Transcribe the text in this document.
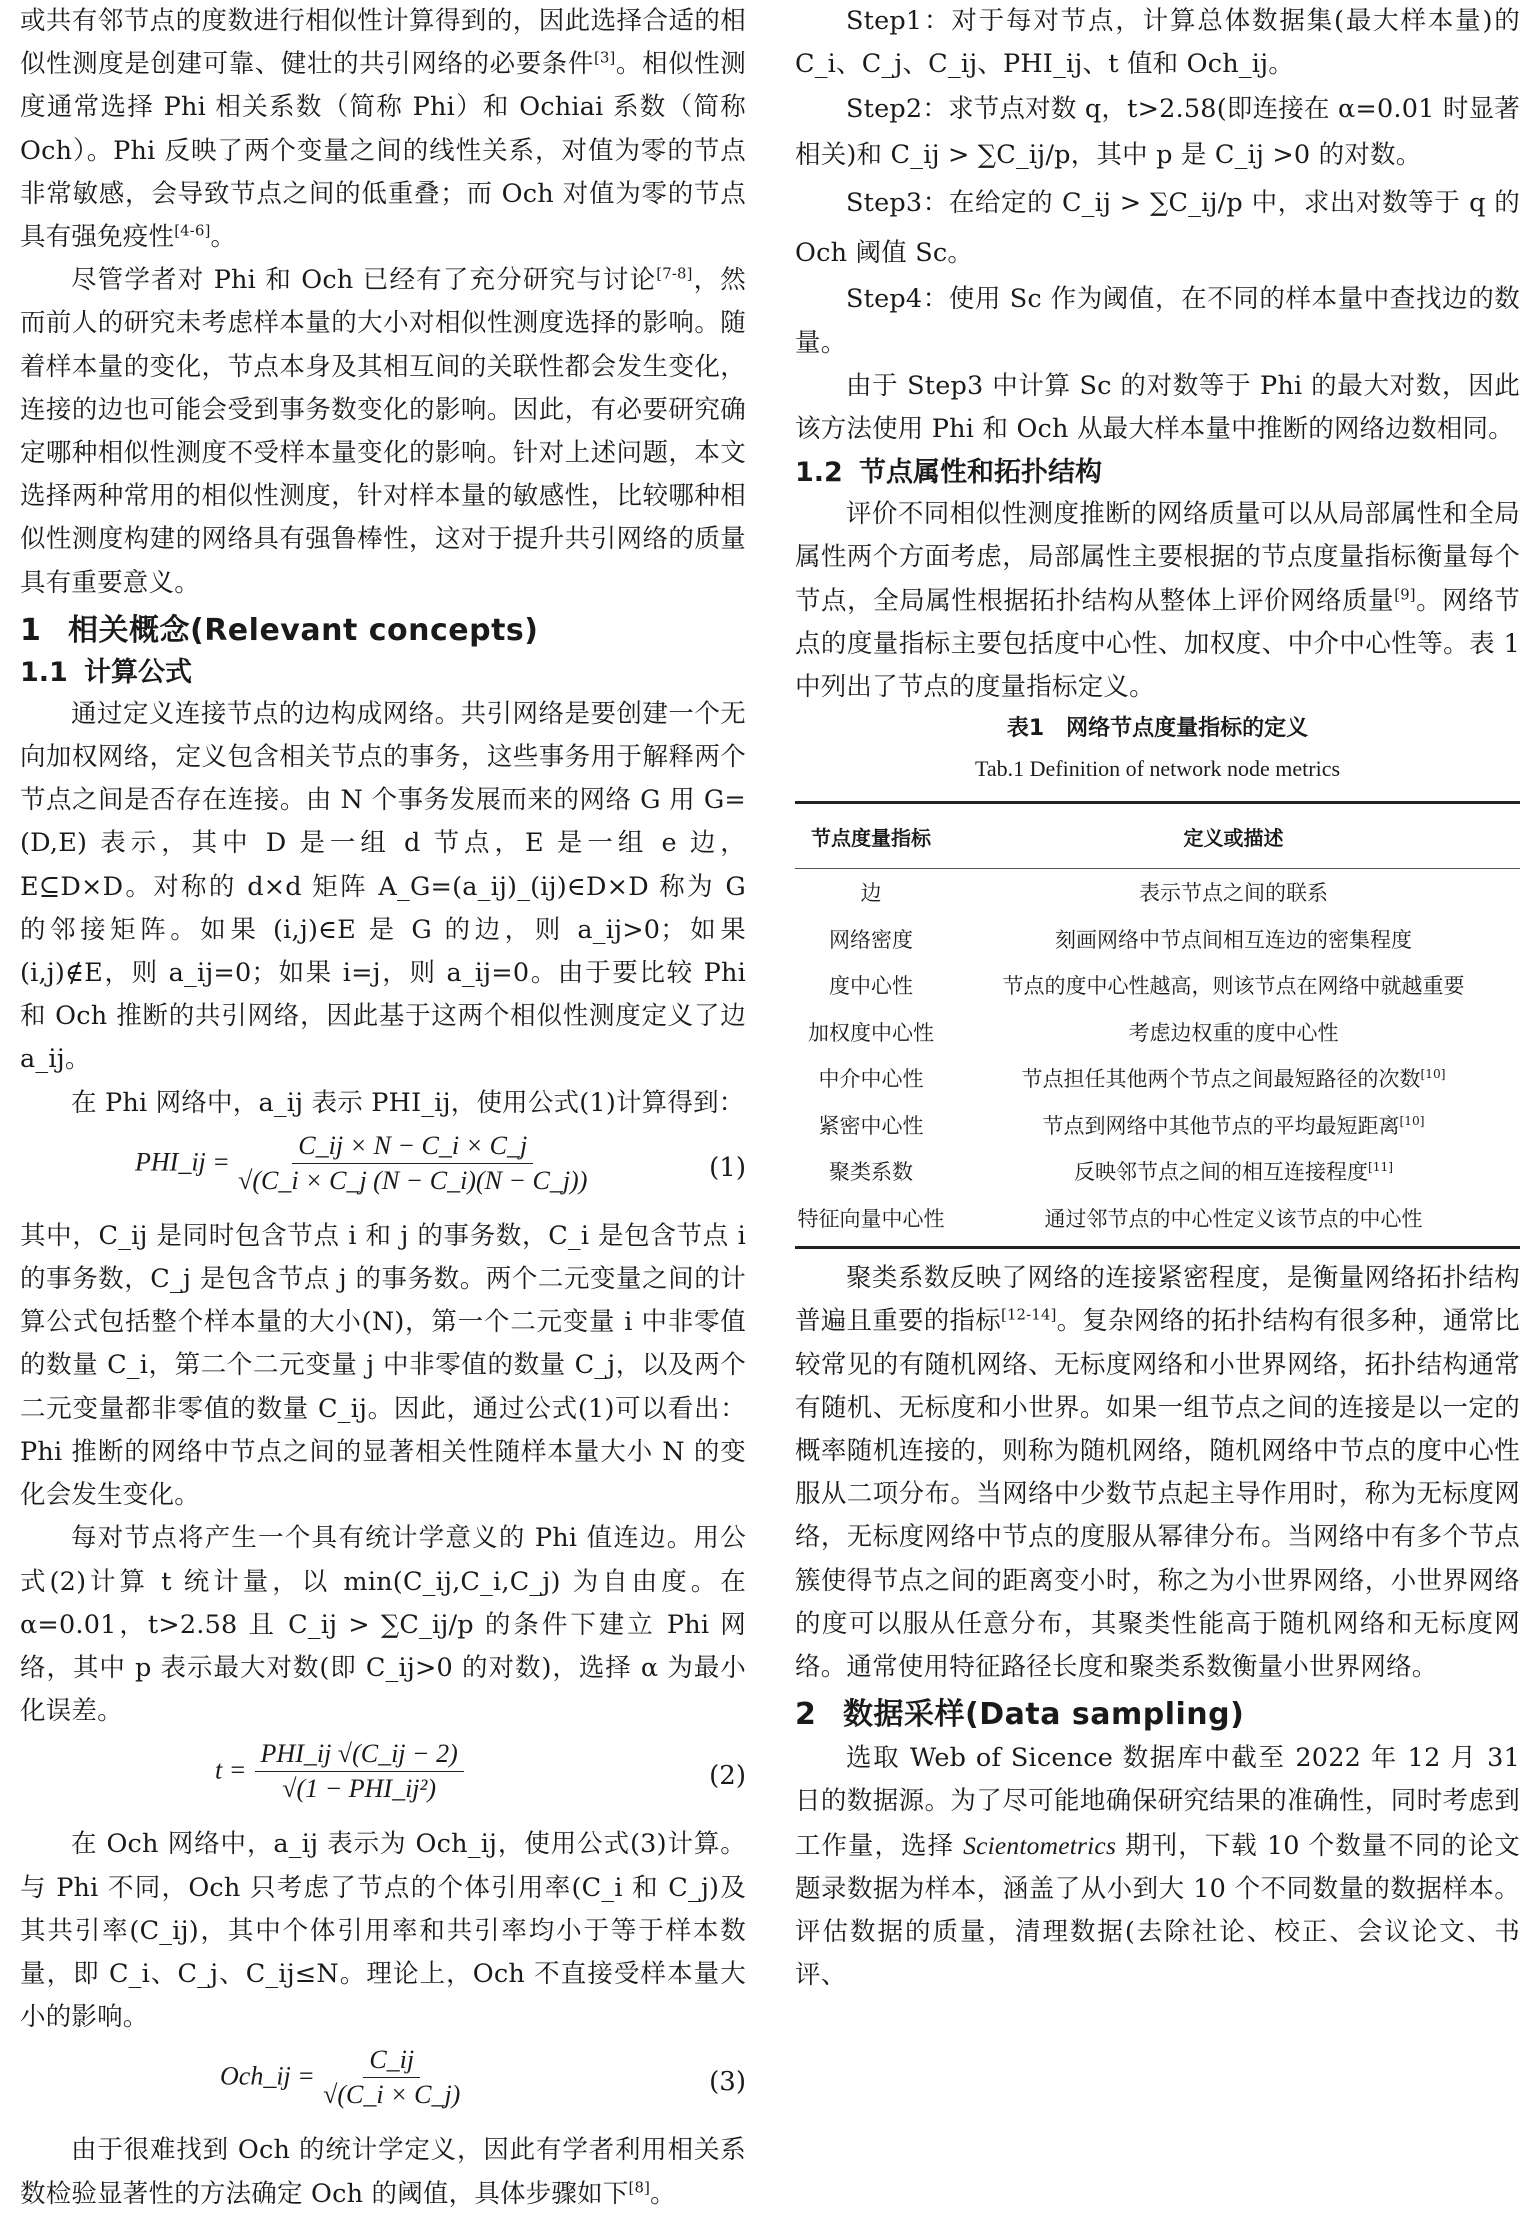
或共有邻节点的度数进行相似性计算得到的，因此选择合适的相似性测度是创建可靠、健壮的共引网络的必要条件[3]。相似性测度通常选择 Phi 相关系数（简称 Phi）和 Ochiai 系数（简称 Och）。Phi 反映了两个变量之间的线性关系，对值为零的节点非常敏感，会导致节点之间的低重叠；而 Och 对值为零的节点具有强免疫性[4-6]。

尽管学者对 Phi 和 Och 已经有了充分研究与讨论[7-8]，然而前人的研究未考虑样本量的大小对相似性测度选择的影响。随着样本量的变化，节点本身及其相互间的关联性都会发生变化，连接的边也可能会受到事务数变化的影响。因此，有必要研究确定哪种相似性测度不受样本量变化的影响。针对上述问题，本文选择两种常用的相似性测度，针对样本量的敏感性，比较哪种相似性测度构建的网络具有强鲁棒性，这对于提升共引网络的质量具有重要意义。

1 相关概念(Relevant concepts)
1.1 计算公式

通过定义连接节点的边构成网络。共引网络是要创建一个无向加权网络，定义包含相关节点的事务，这些事务用于解释两个节点之间是否存在连接。由 N 个事务发展而来的网络 G 用 G=(D,E) 表示，其中 D 是一组 d 节点，E 是一组 e 边，E⊆D×D。对称的 d×d 矩阵 A_G=(a_ij)_(ij)∈D×D 称为 G 的邻接矩阵。如果 (i,j)∈E 是 G 的边，则 a_ij>0；如果 (i,j)∉E，则 a_ij=0；如果 i=j，则 a_ij=0。由于要比较 Phi 和 Och 推断的共引网络，因此基于这两个相似性测度定义了边 a_ij。

在 Phi 网络中，a_ij 表示 PHI_ij，使用公式(1)计算得到：

PHI_ij = $\frac{C\_ij \times N - C\_i \times C\_j}{√(C\_i \times C\_j (N - C\_i)(N - C\_j))}$	(1)

其中，C_ij 是同时包含节点 i 和 j 的事务数，C_i 是包含节点 i 的事务数，C_j 是包含节点 j 的事务数。两个二元变量之间的计算公式包括整个样本量的大小(N)，第一个二元变量 i 中非零值的数量 C_i，第二个二元变量 j 中非零值的数量 C_j，以及两个二元变量都非零值的数量 C_ij。因此，通过公式(1)可以看出：Phi 推断的网络中节点之间的显著相关性随样本量大小 N 的变化会发生变化。

每对节点将产生一个具有统计学意义的 Phi 值连边。用公式(2)计算 t 统计量，以 min(C_ij,C_i,C_j) 为自由度。在 α=0.01，t>2.58 且 C_ij > ∑C_ij/p 的条件下建立 Phi 网络，其中 p 表示最大对数(即 C_ij>0 的对数)，选择 α 为最小化误差。

$t = \frac{\text{PHI\_ij √(C\_ij − 2)}}{\text{√(1 − PHI\_ij²)}}$	(2)

在 Och 网络中，a_ij 表示为 Och_ij，使用公式(3)计算。与 Phi 不同，Och 只考虑了节点的个体引用率(C_i 和 C_j)及其共引率(C_ij)，其中个体引用率和共引率均小于等于样本数量，即 C_i、C_j、C_ij≤N。理论上，Och 不直接受样本量大小的影响。

Och_ij = $\frac{C\_ij}{√(C\_i \times C\_j)}$	(3)

由于很难找到 Och 的统计学定义，因此有学者利用相关系数检验显著性的方法确定 Och 的阈值，具体步骤如下[8]。

Step1：对于每对节点，计算总体数据集(最大样本量)的 C_i、C_j、C_ij、PHI_ij、t 值和 Och_ij。

Step2：求节点对数 q，t>2.58(即连接在 α=0.01 时显著相关)和 C_ij > ∑C_ij/p，其中 p 是 C_ij >0 的对数。

Step3：在给定的 C_ij > ∑C_ij/p 中，求出对数等于 q 的 Och 阈值 Sc。

Step4：使用 Sc 作为阈值，在不同的样本量中查找边的数量。

由于 Step3 中计算 Sc 的对数等于 Phi 的最大对数，因此该方法使用 Phi 和 Och 从最大样本量中推断的网络边数相同。

1.2 节点属性和拓扑结构

评价不同相似性测度推断的网络质量可以从局部属性和全局属性两个方面考虑，局部属性主要根据的节点度量指标衡量每个节点，全局属性根据拓扑结构从整体上评价网络质量[9]。网络节点的度量指标主要包括度中心性、加权度、中介中心性等。表 1 中列出了节点的度量指标定义。

表1　网络节点度量指标的定义
Tab.1 Definition of network node metrics
节点度量指标	定义或描述
边	表示节点之间的联系
网络密度	刻画网络中节点间相互连边的密集程度
度中心性	节点的度中心性越高，则该节点在网络中就越重要
加权度中心性	考虑边权重的度中心性
中介中心性	节点担任其他两个节点之间最短路径的次数[10]
紧密中心性	节点到网络中其他节点的平均最短距离[10]
聚类系数	反映邻节点之间的相互连接程度[11]
特征向量中心性	通过邻节点的中心性定义该节点的中心性

聚类系数反映了网络的连接紧密程度，是衡量网络拓扑结构普遍且重要的指标[12-14]。复杂网络的拓扑结构有很多种，通常比较常见的有随机网络、无标度网络和小世界网络，拓扑结构通常有随机、无标度和小世界。如果一组节点之间的连接是以一定的概率随机连接的，则称为随机网络，随机网络中节点的度中心性服从二项分布。当网络中少数节点起主导作用时，称为无标度网络，无标度网络中节点的度服从幂律分布。当网络中有多个节点簇使得节点之间的距离变小时，称之为小世界网络，小世界网络的度可以服从任意分布，其聚类性能高于随机网络和无标度网络。通常使用特征路径长度和聚类系数衡量小世界网络。

2 数据采样(Data sampling)

选取 Web of Sicence 数据库中截至 2022 年 12 月 31 日的数据源。为了尽可能地确保研究结果的准确性，同时考虑到工作量，选择 Scientometrics 期刊，下载 10 个数量不同的论文题录数据为样本，涵盖了从小到大 10 个不同数量的数据样本。评估数据的质量，清理数据(去除社论、校正、会议论文、书评、
